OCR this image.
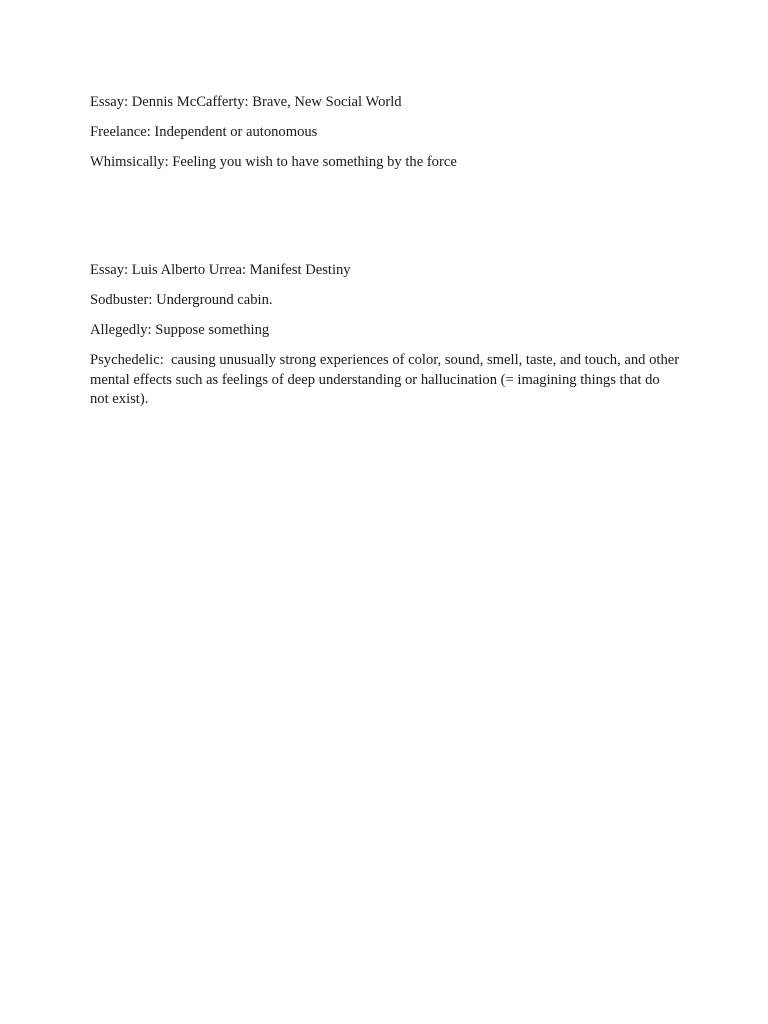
Essay: Dennis McCafferty: Brave, New Social World

Freelance: Independent or autonomous

Whimsically: Feeling you wish to have something by the force

Essay: Luis Alberto Urrea: Manifest Destiny

Sodbuster: Underground cabin.

Allegedly: Suppose something

Psychedelic:  causing unusually strong experiences of color, sound, smell, taste, and touch, and other mental effects such as feelings of deep understanding or hallucination (= imagining things that do not exist).
